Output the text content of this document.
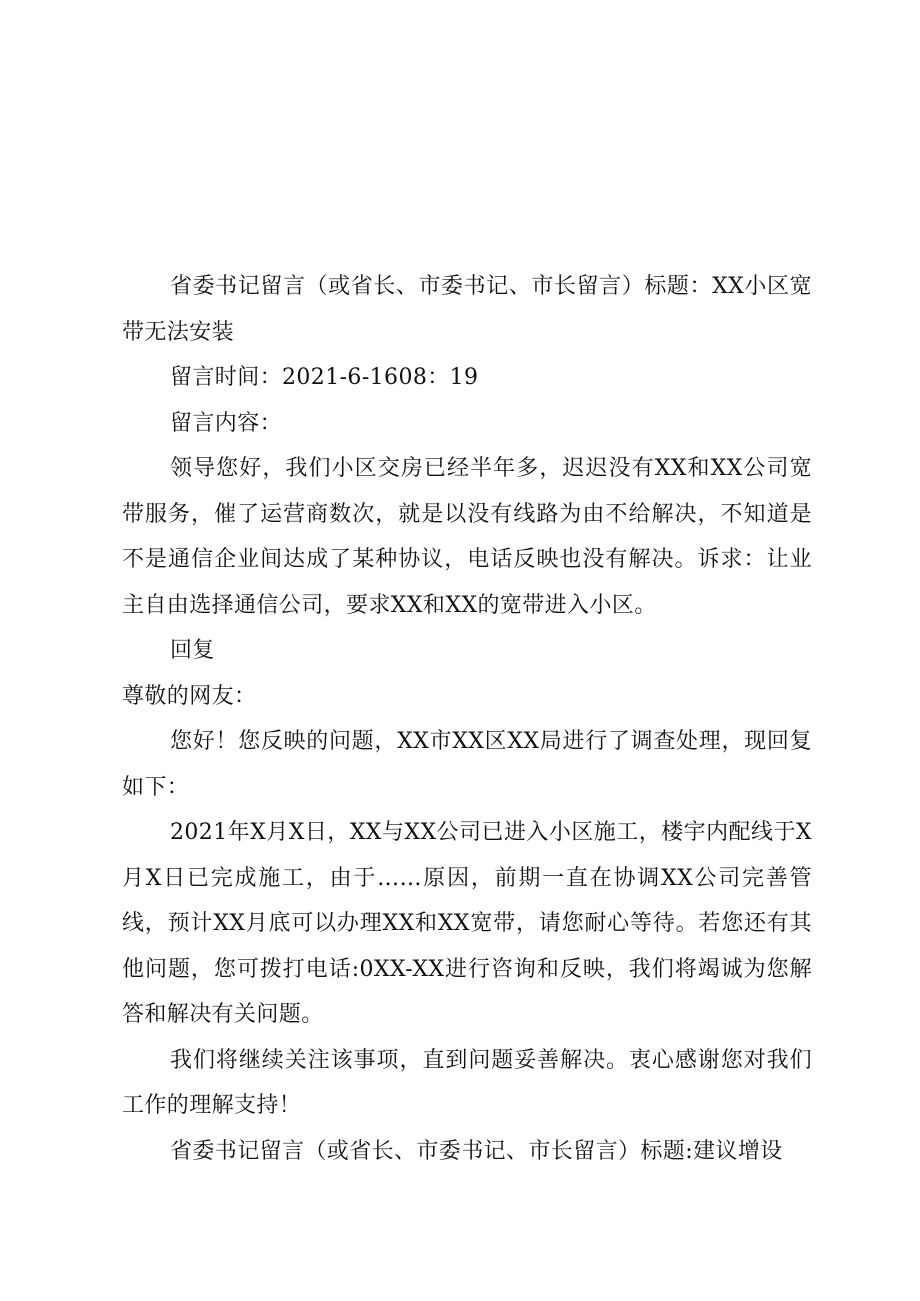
省委书记留言（或省长、市委书记、市长留言）标题：XX小区宽带无法安装

留言时间：2021-6-1608：19

留言内容：

领导您好，我们小区交房已经半年多，迟迟没有XX和XX公司宽带服务，催了运营商数次，就是以没有线路为由不给解决，不知道是不是通信企业间达成了某种协议，电话反映也没有解决。诉求：让业主自由选择通信公司，要求XX和XX的宽带进入小区。

回复

尊敬的网友：

您好！您反映的问题，XX市XX区XX局进行了调查处理，现回复如下：

2021年X月X日，XX与XX公司已进入小区施工，楼宇内配线于X月X日已完成施工，由于……原因，前期一直在协调XX公司完善管线，预计XX月底可以办理XX和XX宽带，请您耐心等待。若您还有其他问题，您可拨打电话:0XX-XX进行咨询和反映，我们将竭诚为您解答和解决有关问题。

我们将继续关注该事项，直到问题妥善解决。衷心感谢您对我们工作的理解支持！

省委书记留言（或省长、市委书记、市长留言）标题:建议增设
